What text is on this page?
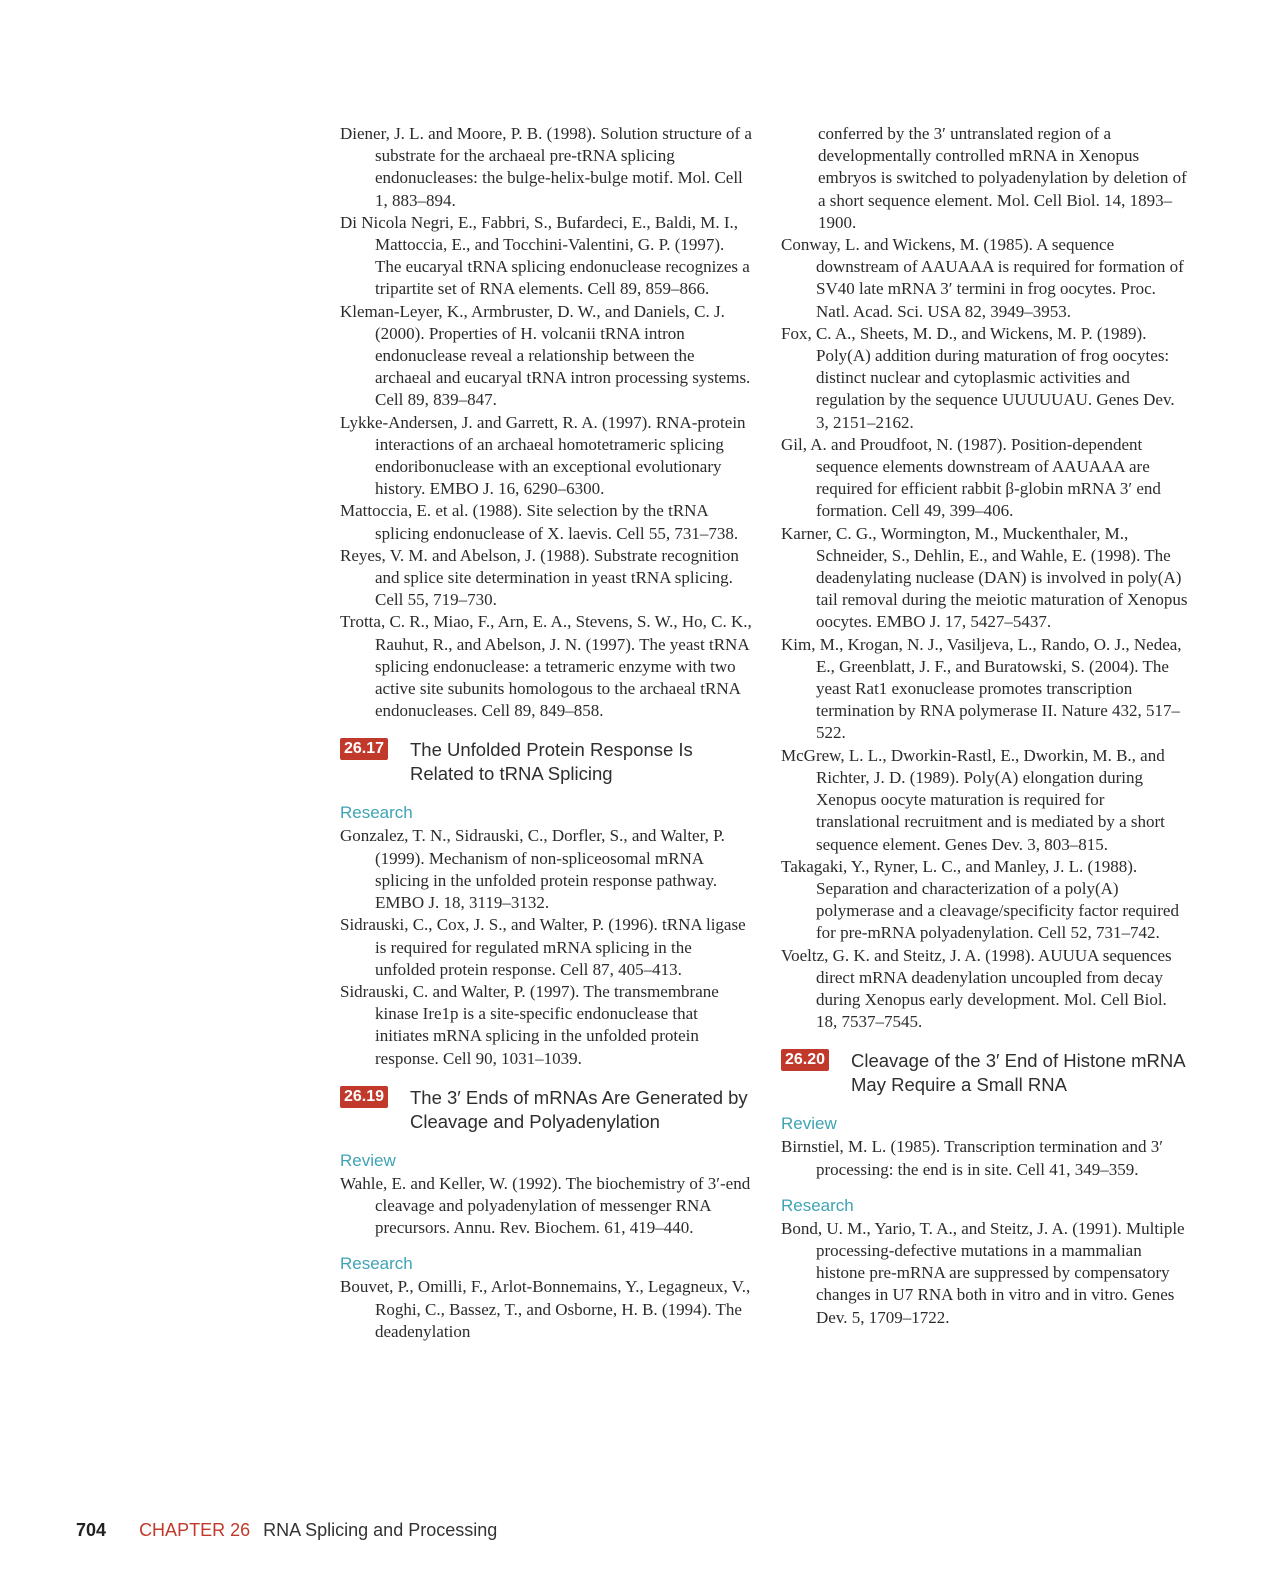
Diener, J. L. and Moore, P. B. (1998). Solution structure of a substrate for the archaeal pre-tRNA splicing endonucleases: the bulge-helix-bulge motif. Mol. Cell 1, 883–894.

Di Nicola Negri, E., Fabbri, S., Bufardeci, E., Baldi, M. I., Mattoccia, E., and Tocchini-Valentini, G. P. (1997). The eucaryal tRNA splicing endonuclease recognizes a tripartite set of RNA elements. Cell 89, 859–866.

Kleman-Leyer, K., Armbruster, D. W., and Daniels, C. J. (2000). Properties of H. volcanii tRNA intron endonuclease reveal a relationship between the archaeal and eucaryal tRNA intron processing systems. Cell 89, 839–847.

Lykke-Andersen, J. and Garrett, R. A. (1997). RNA-protein interactions of an archaeal homotetrameric splicing endoribonuclease with an exceptional evolutionary history. EMBO J. 16, 6290–6300.

Mattoccia, E. et al. (1988). Site selection by the tRNA splicing endonuclease of X. laevis. Cell 55, 731–738.

Reyes, V. M. and Abelson, J. (1988). Substrate recognition and splice site determination in yeast tRNA splicing. Cell 55, 719–730.

Trotta, C. R., Miao, F., Arn, E. A., Stevens, S. W., Ho, C. K., Rauhut, R., and Abelson, J. N. (1997). The yeast tRNA splicing endonuclease: a tetrameric enzyme with two active site subunits homologous to the archaeal tRNA endonucleases. Cell 89, 849–858.

26.17 The Unfolded Protein Response Is Related to tRNA Splicing
Research

Gonzalez, T. N., Sidrauski, C., Dorfler, S., and Walter, P. (1999). Mechanism of non-spliceosomal mRNA splicing in the unfolded protein response pathway. EMBO J. 18, 3119–3132.

Sidrauski, C., Cox, J. S., and Walter, P. (1996). tRNA ligase is required for regulated mRNA splicing in the unfolded protein response. Cell 87, 405–413.

Sidrauski, C. and Walter, P. (1997). The transmembrane kinase Ire1p is a site-specific endonuclease that initiates mRNA splicing in the unfolded protein response. Cell 90, 1031–1039.

26.19 The 3′ Ends of mRNAs Are Generated by Cleavage and Polyadenylation
Review

Wahle, E. and Keller, W. (1992). The biochemistry of 3′-end cleavage and polyadenylation of messenger RNA precursors. Annu. Rev. Biochem. 61, 419–440.

Research

Bouvet, P., Omilli, F., Arlot-Bonnemains, Y., Legagneux, V., Roghi, C., Bassez, T., and Osborne, H. B. (1994). The deadenylation

conferred by the 3′ untranslated region of a developmentally controlled mRNA in Xenopus embryos is switched to polyadenylation by deletion of a short sequence element. Mol. Cell Biol. 14, 1893–1900.

Conway, L. and Wickens, M. (1985). A sequence downstream of AAUAAA is required for formation of SV40 late mRNA 3′ termini in frog oocytes. Proc. Natl. Acad. Sci. USA 82, 3949–3953.

Fox, C. A., Sheets, M. D., and Wickens, M. P. (1989). Poly(A) addition during maturation of frog oocytes: distinct nuclear and cytoplasmic activities and regulation by the sequence UUUUUAU. Genes Dev. 3, 2151–2162.

Gil, A. and Proudfoot, N. (1987). Position-dependent sequence elements downstream of AAUAAA are required for efficient rabbit β-globin mRNA 3′ end formation. Cell 49, 399–406.

Karner, C. G., Wormington, M., Muckenthaler, M., Schneider, S., Dehlin, E., and Wahle, E. (1998). The deadenylating nuclease (DAN) is involved in poly(A) tail removal during the meiotic maturation of Xenopus oocytes. EMBO J. 17, 5427–5437.

Kim, M., Krogan, N. J., Vasiljeva, L., Rando, O. J., Nedea, E., Greenblatt, J. F., and Buratowski, S. (2004). The yeast Rat1 exonuclease promotes transcription termination by RNA polymerase II. Nature 432, 517–522.

McGrew, L. L., Dworkin-Rastl, E., Dworkin, M. B., and Richter, J. D. (1989). Poly(A) elongation during Xenopus oocyte maturation is required for translational recruitment and is mediated by a short sequence element. Genes Dev. 3, 803–815.

Takagaki, Y., Ryner, L. C., and Manley, J. L. (1988). Separation and characterization of a poly(A) polymerase and a cleavage/specificity factor required for pre-mRNA polyadenylation. Cell 52, 731–742.

Voeltz, G. K. and Steitz, J. A. (1998). AUUUA sequences direct mRNA deadenylation uncoupled from decay during Xenopus early development. Mol. Cell Biol. 18, 7537–7545.

26.20 Cleavage of the 3′ End of Histone mRNA May Require a Small RNA
Review

Birnstiel, M. L. (1985). Transcription termination and 3′ processing: the end is in site. Cell 41, 349–359.

Research

Bond, U. M., Yario, T. A., and Steitz, J. A. (1991). Multiple processing-defective mutations in a mammalian histone pre-mRNA are suppressed by compensatory changes in U7 RNA both in vitro and in vitro. Genes Dev. 5, 1709–1722.

704 CHAPTER 26 RNA Splicing and Processing
